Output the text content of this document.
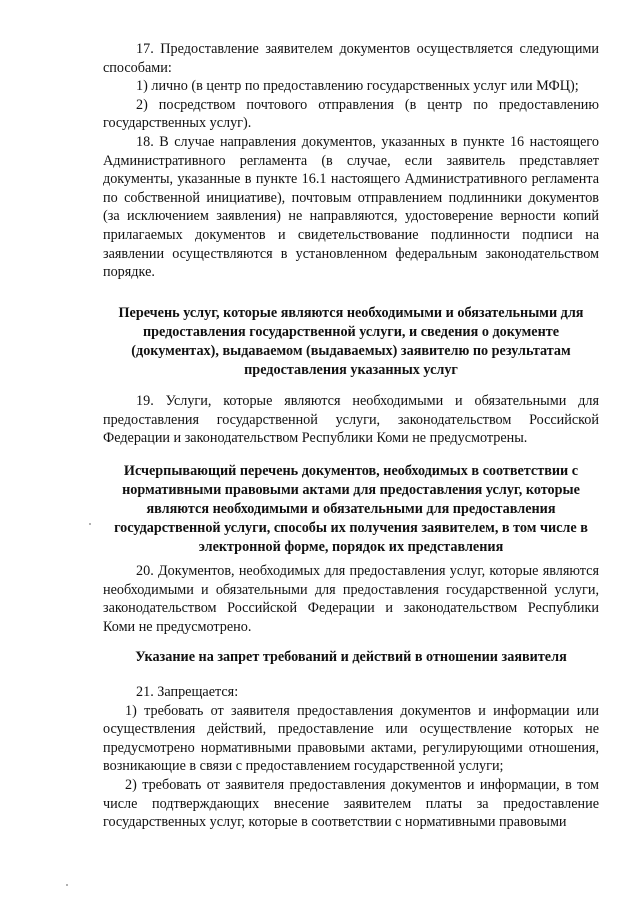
17. Предоставление заявителем документов осуществляется следующими способами:

1) лично (в центр по предоставлению государственных услуг или МФЦ);

2) посредством почтового отправления (в центр по предоставлению государственных услуг).

18. В случае направления документов, указанных в пункте 16 настоящего Административного регламента (в случае, если заявитель представляет документы, указанные в пункте 16.1 настоящего Административного регламента по собственной инициативе), почтовым отправлением подлинники документов (за исключением заявления) не направляются, удостоверение верности копий прилагаемых документов и свидетельствование подлинности подписи на заявлении осуществляются в установленном федеральным законодательством порядке.

Перечень услуг, которые являются необходимыми и обязательными для предоставления государственной услуги, и сведения о документе (документах), выдаваемом (выдаваемых) заявителю по результатам предоставления указанных услуг

19. Услуги, которые являются необходимыми и обязательными для предоставления государственной услуги, законодательством Российской Федерации и законодательством Республики Коми не предусмотрены.

Исчерпывающий перечень документов, необходимых в соответствии с нормативными правовыми актами для предоставления услуг, которые являются необходимыми и обязательными для предоставления государственной услуги, способы их получения заявителем, в том числе в электронной форме, порядок их представления

20. Документов, необходимых для предоставления услуг, которые являются необходимыми и обязательными для предоставления государственной услуги, законодательством Российской Федерации и законодательством Республики Коми не предусмотрено.

Указание на запрет требований и действий в отношении заявителя

21. Запрещается:

1) требовать от заявителя предоставления документов и информации или осуществления действий, предоставление или осуществление которых не предусмотрено нормативными правовыми актами, регулирующими отношения, возникающие в связи с предоставлением государственной услуги;

2) требовать от заявителя предоставления документов и информации, в том числе подтверждающих внесение заявителем платы за предоставление государственных услуг, которые в соответствии с нормативными правовыми
